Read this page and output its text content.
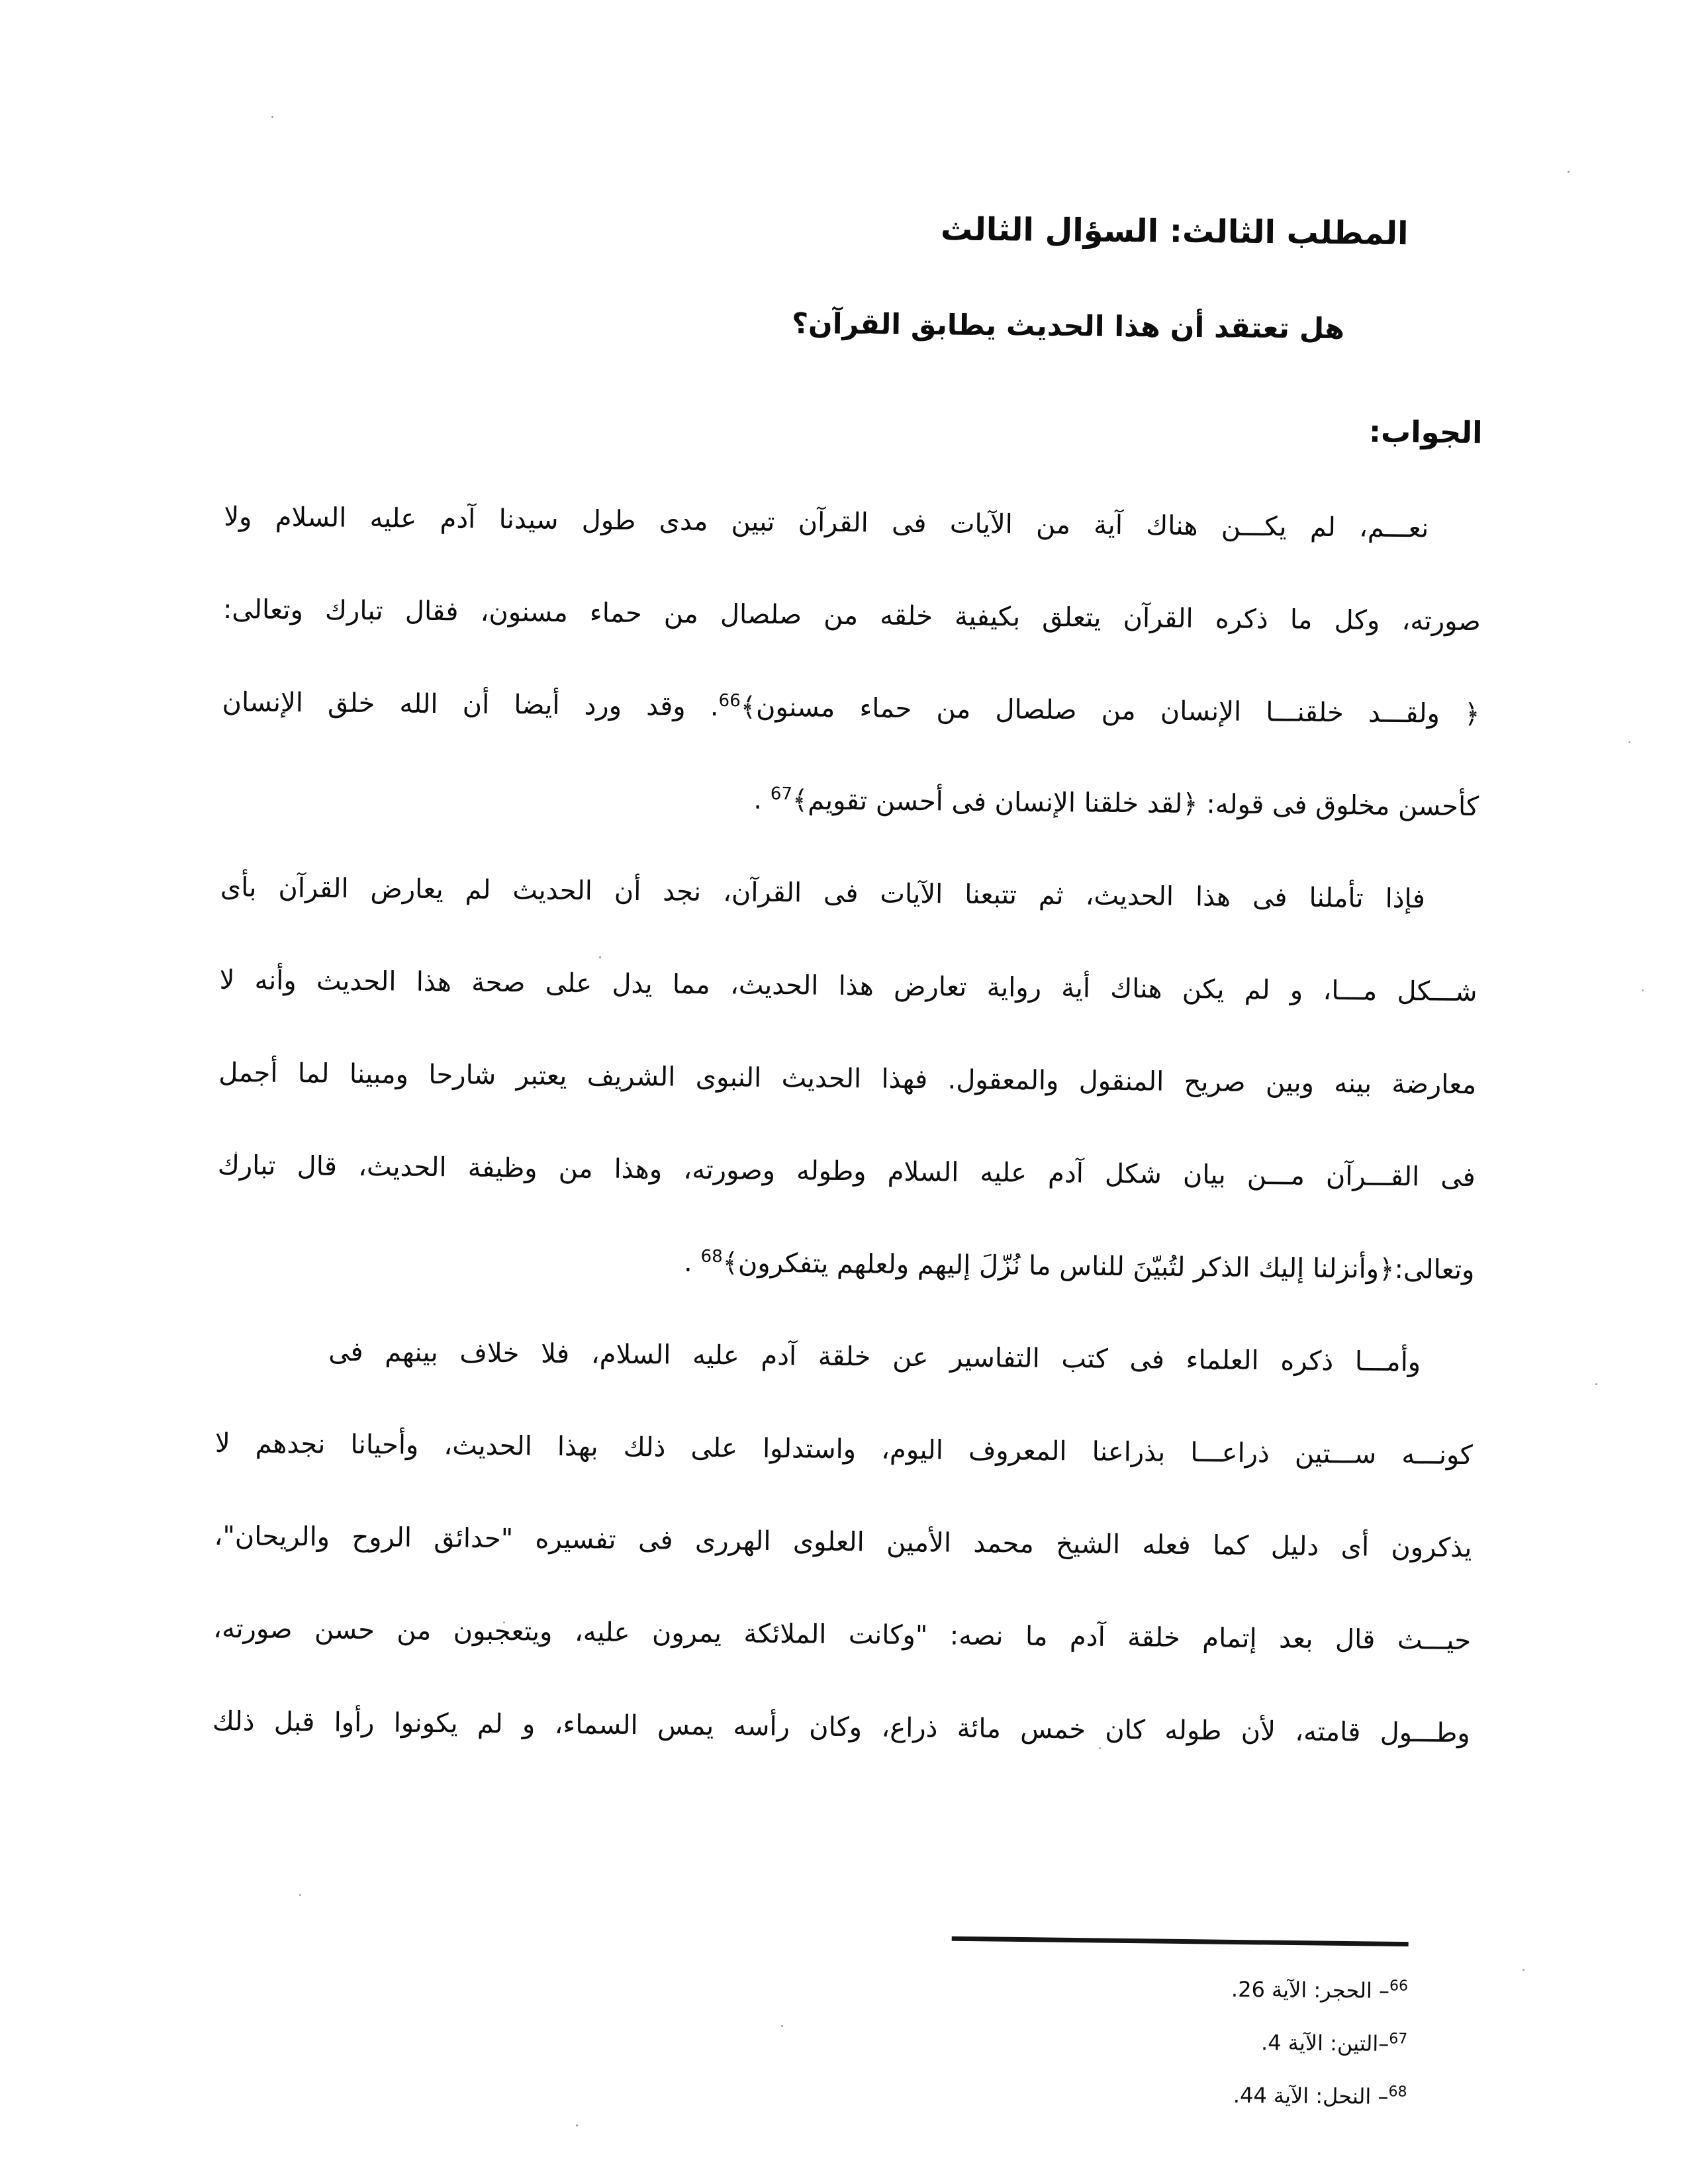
المطلب الثالث: السؤال الثالث
هل تعتقد أن هذا الحديث يطابق القرآن؟
الجواب:
نعـــم، لم يكـــن هناك آية من الآيات فى القرآن تبين مدى طول سيدنا آدم عليه السلام ولا
صورته، وكل ما ذكره القرآن يتعلق بكيفية خلقه من صلصال من حماء مسنون، فقال تبارك وتعالى:
﴿ ولقـــد خلقنـــا الإنسان من صلصال من حماء مسنون﴾$^{66}$. وقد ورد أيضا أن الله خلق الإنسان
كأحسن مخلوق فى قوله: ﴿لقد خلقنا الإنسان فى أحسن تقويم﴾$^{67}$ .
فإذا تأملنا فى هذا الحديث، ثم تتبعنا الآيات فى القرآن، نجد أن الحديث لم يعارض القرآن بأى
شـــكل مـــا، و لم يكن هناك أية رواية تعارض هذا الحديث، مما يدل على صحة هذا الحديث وأنه لا
معارضة بينه وبين صريح المنقول والمعقول. فهذا الحديث النبوى الشريف يعتبر شارحا ومبينا لما أجمل
فى القـــرآن مـــن بيان شكل آدم عليه السلام وطوله وصورته، وهذا من وظيفة الحديث، قال تبارك
وتعالى:﴿وأنزلنا إليك الذكر لتُبيّنَ للناس ما نُزّلَ إليهم ولعلهم يتفكرون﴾$^{68}$ .
وأمـــا ذكره العلماء فى كتب التفاسير عن خلقة آدم عليه السلام، فلا خلاف بينهم فى
كونـــه ســـتين ذراعـــا بذراعنا المعروف اليوم، واستدلوا على ذلك بهذا الحديث، وأحيانا نجدهم لا
يذكرون أى دليل كما فعله الشيخ محمد الأمين العلوى الهررى فى تفسيره "حدائق الروح والريحان"،
حيـــث قال بعد إتمام خلقة آدم ما نصه: "وكانت الملائكة يمرون عليه، ويتعجبون من حسن صورته،
وطـــول قامته، لأن طوله كان خمس مائة ذراع، وكان رأسه يمس السماء، و لم يكونوا رأوا قبل ذلك
$^{66}$– الحجر: الآية 26.
$^{67}$–التين: الآية 4.
$^{68}$– النحل: الآية 44.
